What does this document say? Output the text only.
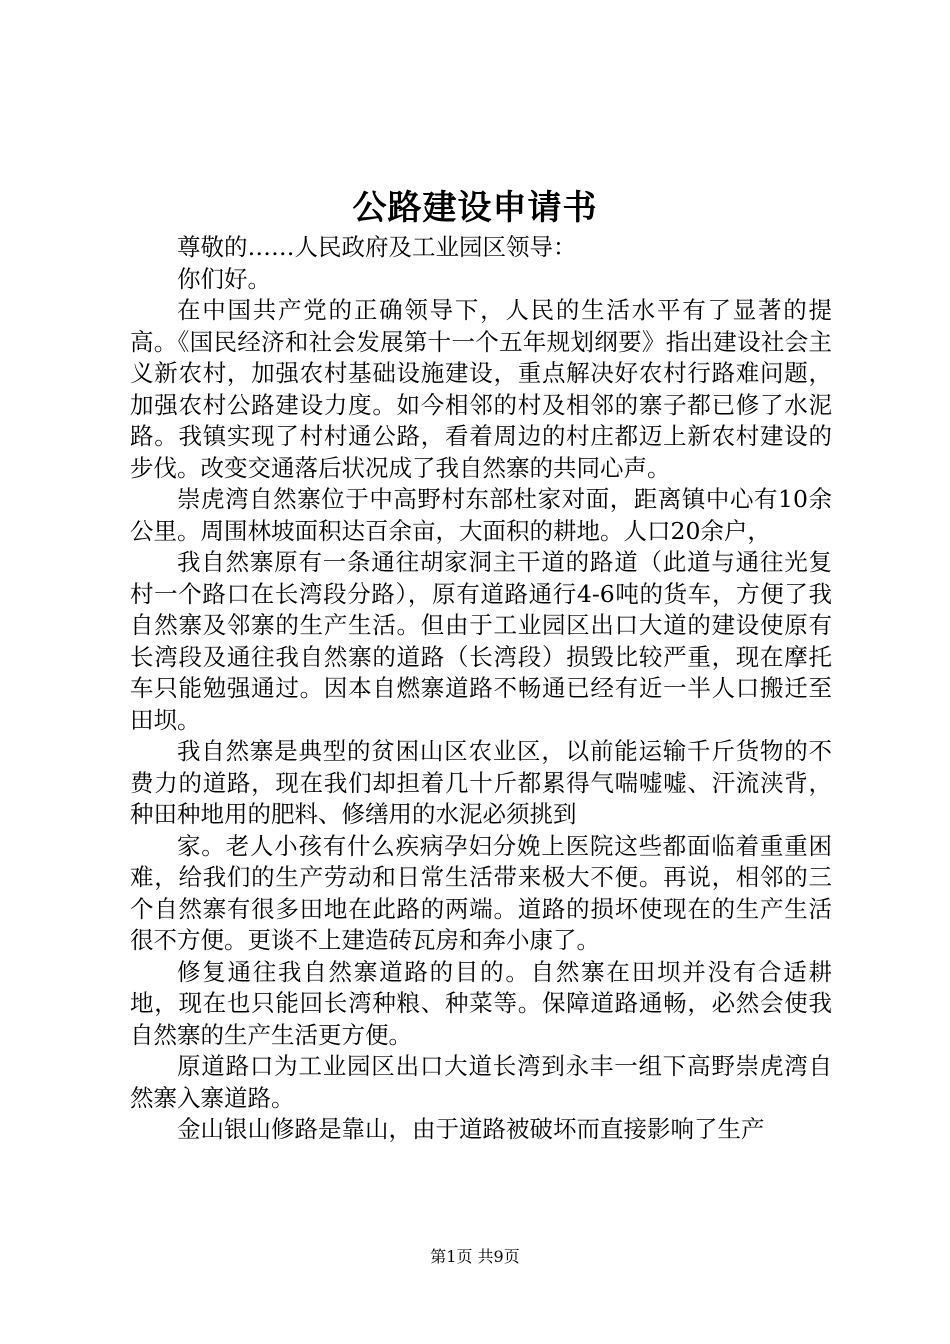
公路建设申请书

尊敬的……人民政府及工业园区领导：

你们好。

在中国共产党的正确领导下，人民的生活水平有了显著的提高。《国民经济和社会发展第十一个五年规划纲要》指出建设社会主义新农村，加强农村基础设施建设，重点解决好农村行路难问题，加强农村公路建设力度。如今相邻的村及相邻的寨子都已修了水泥路。我镇实现了村村通公路，看着周边的村庄都迈上新农村建设的步伐。改变交通落后状况成了我自然寨的共同心声。

崇虎湾自然寨位于中高野村东部杜家对面，距离镇中心有10余公里。周围林坡面积达百余亩，大面积的耕地。人口20余户，

我自然寨原有一条通往胡家洞主干道的路道（此道与通往光复村一个路口在长湾段分路），原有道路通行4-6吨的货车，方便了我自然寨及邻寨的生产生活。但由于工业园区出口大道的建设使原有长湾段及通往我自然寨的道路（长湾段）损毁比较严重，现在摩托车只能勉强通过。因本自燃寨道路不畅通已经有近一半人口搬迁至田坝。

我自然寨是典型的贫困山区农业区，以前能运输千斤货物的不费力的道路，现在我们却担着几十斤都累得气喘嘘嘘、汗流浃背，种田种地用的肥料、修缮用的水泥必须挑到

家。老人小孩有什么疾病孕妇分娩上医院这些都面临着重重困难，给我们的生产劳动和日常生活带来极大不便。再说，相邻的三个自然寨有很多田地在此路的两端。道路的损坏使现在的生产生活很不方便。更谈不上建造砖瓦房和奔小康了。

修复通往我自然寨道路的目的。自然寨在田坝并没有合适耕地，现在也只能回长湾种粮、种菜等。保障道路通畅，必然会使我自然寨的生产生活更方便。

原道路口为工业园区出口大道长湾到永丰一组下高野崇虎湾自然寨入寨道路。

金山银山修路是靠山，由于道路被破坏而直接影响了生产

第1页 共9页
